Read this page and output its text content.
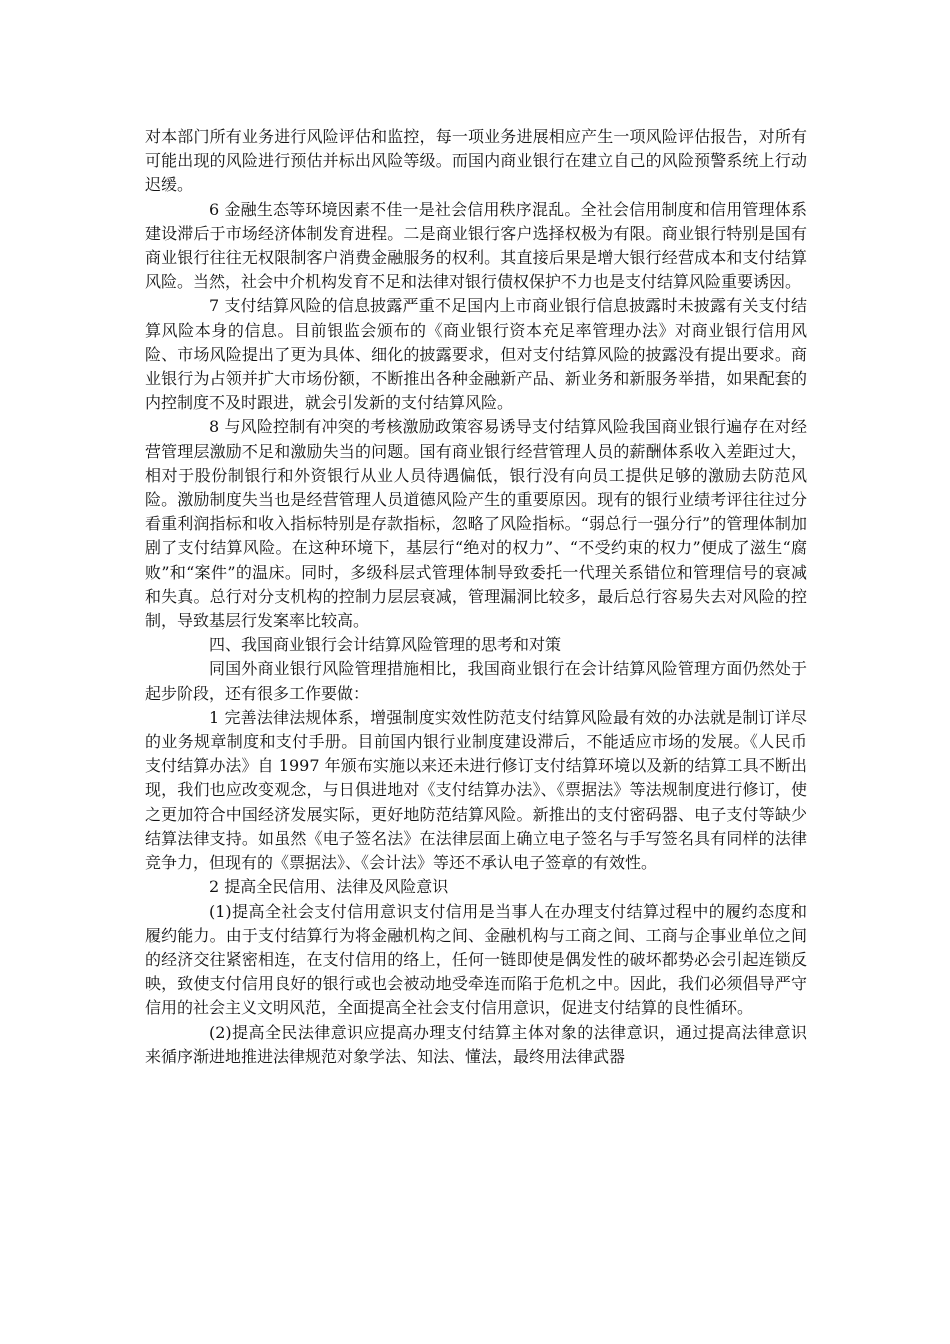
对本部门所有业务进行风险评估和监控，每一项业务进展相应产生一项风险评估报告，对所有可能出现的风险进行预估并标出风险等级。而国内商业银行在建立自己的风险预警系统上行动迟缓。

6 金融生态等环境因素不佳一是社会信用秩序混乱。全社会信用制度和信用管理体系建设滞后于市场经济体制发育进程。二是商业银行客户选择权极为有限。商业银行特别是国有商业银行往往无权限制客户消费金融服务的权利。其直接后果是增大银行经营成本和支付结算风险。当然，社会中介机构发育不足和法律对银行债权保护不力也是支付结算风险重要诱因。

7 支付结算风险的信息披露严重不足国内上市商业银行信息披露时未披露有关支付结算风险本身的信息。目前银监会颁布的《商业银行资本充足率管理办法》对商业银行信用风险、市场风险提出了更为具体、细化的披露要求，但对支付结算风险的披露没有提出要求。商业银行为占领并扩大市场份额，不断推出各种金融新产品、新业务和新服务举措，如果配套的内控制度不及时跟进，就会引发新的支付结算风险。

8 与风险控制有冲突的考核激励政策容易诱导支付结算风险我国商业银行遍存在对经营管理层激励不足和激励失当的问题。国有商业银行经营管理人员的薪酬体系收入差距过大，相对于股份制银行和外资银行从业人员待遇偏低，银行没有向员工提供足够的激励去防范风险。激励制度失当也是经营管理人员道德风险产生的重要原因。现有的银行业绩考评往往过分看重利润指标和收入指标特别是存款指标，忽略了风险指标。“弱总行一强分行”的管理体制加剧了支付结算风险。在这种环境下，基层行“绝对的权力”、“不受约束的权力”便成了滋生“腐败”和“案件”的温床。同时，多级科层式管理体制导致委托一代理关系错位和管理信号的衰减和失真。总行对分支机构的控制力层层衰减，管理漏洞比较多，最后总行容易失去对风险的控制，导致基层行发案率比较高。

四、我国商业银行会计结算风险管理的思考和对策

同国外商业银行风险管理措施相比，我国商业银行在会计结算风险管理方面仍然处于起步阶段，还有很多工作要做：

1 完善法律法规体系，增强制度实效性防范支付结算风险最有效的办法就是制订详尽的业务规章制度和支付手册。目前国内银行业制度建设滞后，不能适应市场的发展。《人民币支付结算办法》自 1997 年颁布实施以来还未进行修订支付结算环境以及新的结算工具不断出现，我们也应改变观念，与日俱进地对《支付结算办法》、《票据法》等法规制度进行修订，使之更加符合中国经济发展实际，更好地防范结算风险。新推出的支付密码器、电子支付等缺少结算法律支持。如虽然《电子签名法》在法律层面上确立电子签名与手写签名具有同样的法律竞争力，但现有的《票据法》、《会计法》等还不承认电子签章的有效性。

2 提高全民信用、法律及风险意识

(1)提高全社会支付信用意识支付信用是当事人在办理支付结算过程中的履约态度和履约能力。由于支付结算行为将金融机构之间、金融机构与工商之间、工商与企事业单位之间的经济交往紧密相连，在支付信用的络上，任何一链即使是偶发性的破坏都势必会引起连锁反映，致使支付信用良好的银行或也会被动地受牵连而陷于危机之中。因此，我们必须倡导严守信用的社会主义文明风范，全面提高全社会支付信用意识，促进支付结算的良性循环。

(2)提高全民法律意识应提高办理支付结算主体对象的法律意识，通过提高法律意识来循序渐进地推进法律规范对象学法、知法、懂法，最终用法律武器
